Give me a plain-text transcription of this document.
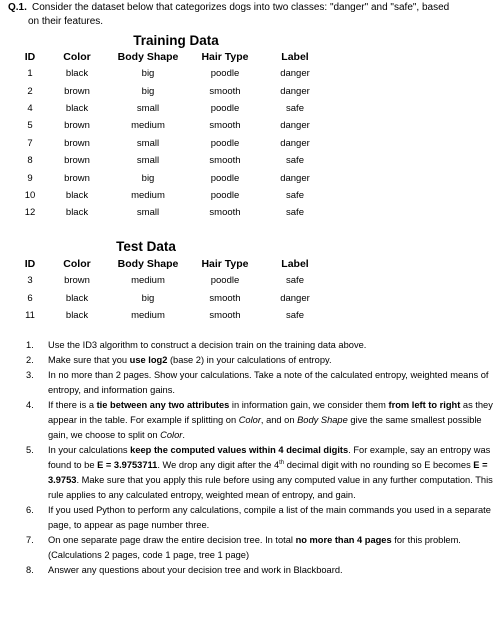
Q.1. Consider the dataset below that categorizes dogs into two classes: "danger" and "safe", based
on their features.
Training Data
ID	Color	Body Shape	Hair Type	Label
1	black	big	poodle	danger
2	brown	big	smooth	danger
4	black	small	poodle	safe
5	brown	medium	smooth	danger
7	brown	small	poodle	danger
8	brown	small	smooth	safe
9	brown	big	poodle	danger
10	black	medium	poodle	safe
12	black	small	smooth	safe
Test Data
ID	Color	Body Shape	Hair Type	Label
3	brown	medium	poodle	safe
6	black	big	smooth	danger
11	black	medium	smooth	safe
1. Use the ID3 algorithm to construct a decision train on the training data above.
2. Make sure that you use log2 (base 2) in your calculations of entropy.
3. In no more than 2 pages. Show your calculations. Take a note of the calculated entropy, weighted means of entropy, and information gains.
4. If there is a tie between any two attributes in information gain, we consider them from left to right as they appear in the table. For example if splitting on Color, and on Body Shape give the same smallest possible gain, we choose to split on Color.
5. In your calculations keep the computed values within 4 decimal digits. For example, say an entropy was found to be E = 3.9753711. We drop any digit after the 4th decimal digit with no rounding so E becomes E = 3.9753. Make sure that you apply this rule before using any computed value in any further computation. This rule applies to any calculated entropy, weighted mean of entropy, and gain.
6. If you used Python to perform any calculations, compile a list of the main commands you used in a separate page, to appear as page number three.
7. On one separate page draw the entire decision tree. In total no more than 4 pages for this problem. (Calculations 2 pages, code 1 page, tree 1 page)
8. Answer any questions about your decision tree and work in Blackboard.
